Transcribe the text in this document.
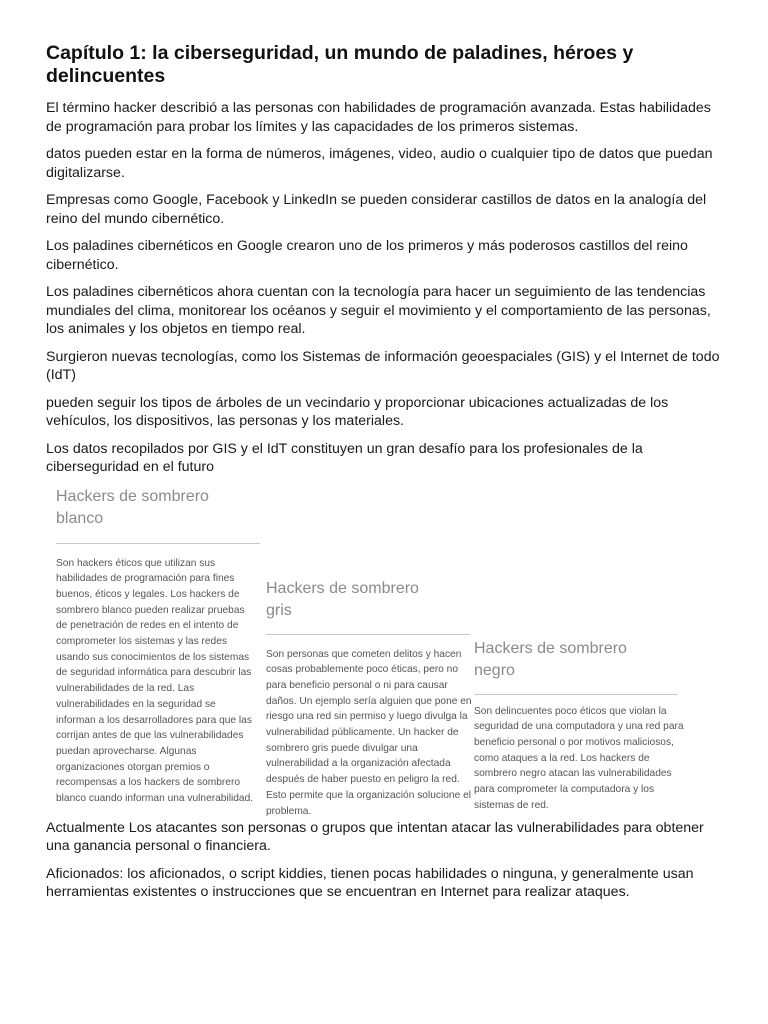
Capítulo 1: la ciberseguridad, un mundo de paladines, héroes y delincuentes

El término hacker describió a las personas con habilidades de programación avanzada. Estas habilidades de programación para probar los límites y las capacidades de los primeros sistemas.

datos pueden estar en la forma de números, imágenes, video, audio o cualquier tipo de datos que puedan digitalizarse.

Empresas como Google, Facebook y LinkedIn se pueden considerar castillos de datos en la analogía del reino del mundo cibernético.

Los paladines cibernéticos en Google crearon uno de los primeros y más poderosos castillos del reino cibernético.

Los paladines cibernéticos ahora cuentan con la tecnología para hacer un seguimiento de las tendencias mundiales del clima, monitorear los océanos y seguir el movimiento y el comportamiento de las personas, los animales y los objetos en tiempo real.

Surgieron nuevas tecnologías, como los Sistemas de información geoespaciales (GIS) y el Internet de todo (IdT)

pueden seguir los tipos de árboles de un vecindario y proporcionar ubicaciones actualizadas de los vehículos, los dispositivos, las personas y los materiales.

Los datos recopilados por GIS y el IdT constituyen un gran desafío para los profesionales de la ciberseguridad en el futuro

Hackers de sombrero blanco
Son hackers éticos que utilizan sus habilidades de programación para fines buenos, éticos y legales. Los hackers de sombrero blanco pueden realizar pruebas de penetración de redes en el intento de comprometer los sistemas y las redes usando sus conocimientos de los sistemas de seguridad informática para descubrir las vulnerabilidades de la red. Las vulnerabilidades en la seguridad se informan a los desarrolladores para que las corrijan antes de que las vulnerabilidades puedan aprovecharse. Algunas organizaciones otorgan premios o recompensas a los hackers de sombrero blanco cuando informan una vulnerabilidad.
Hackers de sombrero gris
Son personas que cometen delitos y hacen cosas probablemente poco éticas, pero no para beneficio personal o ni para causar daños. Un ejemplo sería alguien que pone en riesgo una red sin permiso y luego divulga la vulnerabilidad públicamente. Un hacker de sombrero gris puede divulgar una vulnerabilidad a la organización afectada después de haber puesto en peligro la red. Esto permite que la organización solucione el problema.
Hackers de sombrero negro
Son delincuentes poco éticos que violan la seguridad de una computadora y una red para beneficio personal o por motivos maliciosos, como ataques a la red. Los hackers de sombrero negro atacan las vulnerabilidades para comprometer la computadora y los sistemas de red.

Actualmente Los atacantes son personas o grupos que intentan atacar las vulnerabilidades para obtener una ganancia personal o financiera.

Aficionados: los aficionados, o script kiddies, tienen pocas habilidades o ninguna, y generalmente usan herramientas existentes o instrucciones que se encuentran en Internet para realizar ataques.
